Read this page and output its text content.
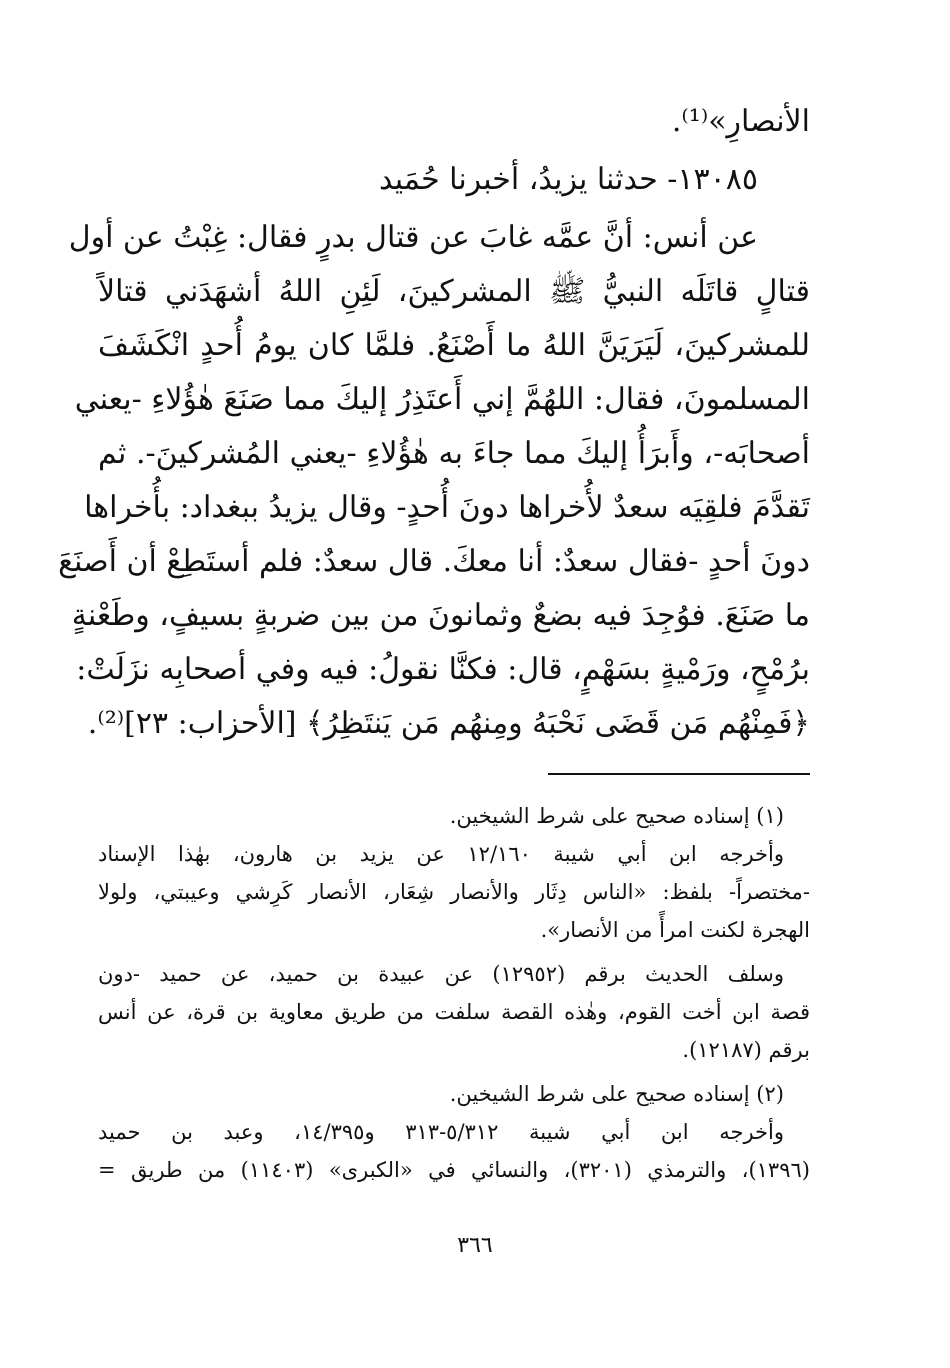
الأنصارِ»⁽¹⁾.
١٣٠٨٥- حدثنا يزيدُ، أخبرنا حُمَيد
عن أنس: أنَّ عمَّه غابَ عن قتال بدرٍ فقال: غِبْتُ عن أول
قتالٍ قاتَلَه النبيُّ ﷺ المشركينَ، لَئِنِ اللهُ أشهَدَني قتالاً
للمشركينَ، لَيَرَيَنَّ اللهُ ما أَصْنَعُ. فلمَّا كان يومُ أُحدٍ انْكَشَفَ
المسلمونَ، فقال: اللهُمَّ إني أَعتَذِرُ إليكَ مما صَنَعَ هٰؤُلاءِ -يعني
أصحابَه-، وأَبرَأُ إليكَ مما جاءَ به هٰؤُلاءِ -يعني المُشركينَ-. ثم
تَقدَّمَ فلقِيَه سعدٌ لأُخراها دونَ أُحدٍ- وقال يزيدُ ببغداد: بأُخراها
دونَ أحدٍ -فقال سعدٌ: أنا معكَ. قال سعدٌ: فلم أستَطِعْ أن أَصنَعَ
ما صَنَعَ. فوُجِدَ فيه بضعٌ وثمانونَ من بين ضربةٍ بسيفٍ، وطَعْنةٍ
برُمْحٍ، ورَمْيةٍ بسَهْمٍ، قال: فكنَّا نقولُ: فيه وفي أصحابِه نزَلَتْ:
﴿فَمِنْهُم مَن قَضَى نَحْبَهُ ومِنهُم مَن يَنتَظِرُ﴾ [الأحزاب: ٢٣]⁽²⁾.
(١) إسناده صحيح على شرط الشيخين.
وأخرجه ابن أبي شيبة ١٢/١٦٠ عن يزيد بن هارون، بهٰذا الإسناد
-مختصراً- بلفظ: «الناس دِثَار والأنصار شِعَار، الأنصار كَرِشي وعيبتي، ولولا
الهجرة لكنت امرأً من الأنصار».
وسلف الحديث برقم (١٢٩٥٢) عن عبيدة بن حميد، عن حميد -دون
قصة ابن أخت القوم، وهٰذه القصة سلفت من طريق معاوية بن قرة، عن أنس
برقم (١٢١٨٧).
(٢) إسناده صحيح على شرط الشيخين.
وأخرجه ابن أبي شيبة ٥/٣١٢-٣١٣ و١٤/٣٩٥، وعبد بن حميد
(١٣٩٦)، والترمذي (٣٢٠١)، والنسائي في «الكبرى» (١١٤٠٣) من طريق =
٣٦٦
